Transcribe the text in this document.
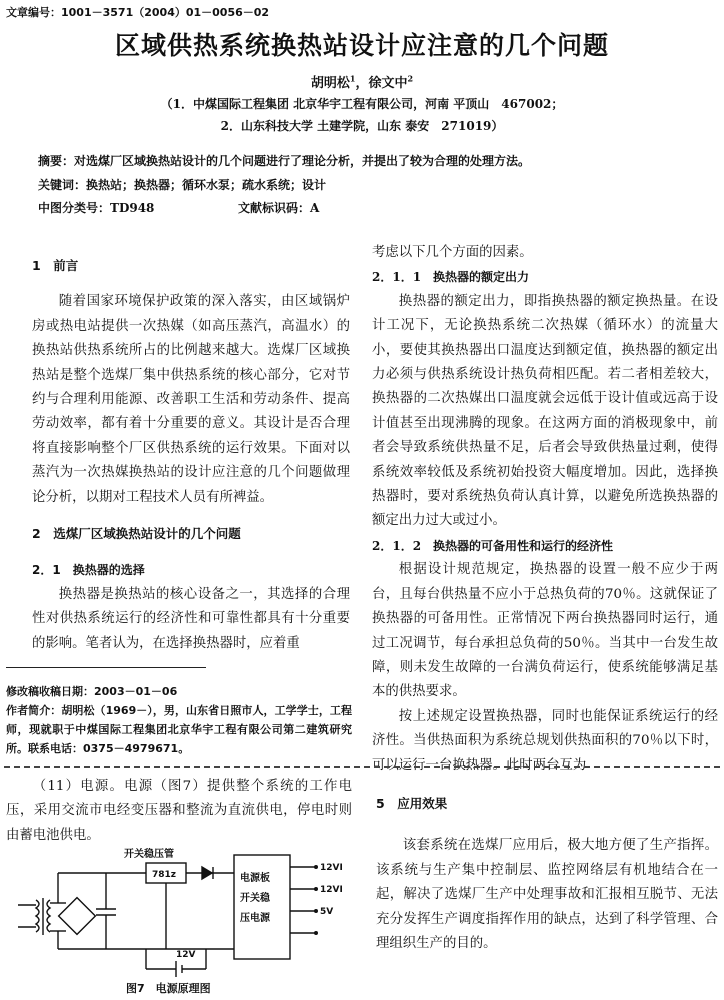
文章编号：1001－3571（2004）01－0056－02
区域供热系统换热站设计应注意的几个问题
胡明松$^1$，徐文中$^2$
（1．中煤国际工程集团 北京华宇工程有限公司，河南 平顶山　467002；
2．山东科技大学 土建学院，山东 泰安　271019）
摘要：对选煤厂区域换热站设计的几个问题进行了理论分析，并提出了较为合理的处理方法。
关键词：换热站；换热器；循环水泵；疏水系统；设计
中图分类号：TD948	文献标识码：A
1　前言

随着国家环境保护政策的深入落实，由区域锅炉房或热电站提供一次热媒（如高压蒸汽，高温水）的换热站供热系统所占的比例越来越大。选煤厂区域换热站是整个选煤厂集中供热系统的核心部分，它对节约与合理利用能源、改善职工生活和劳动条件、提高劳动效率，都有着十分重要的意义。其设计是否合理将直接影响整个厂区供热系统的运行效果。下面对以蒸汽为一次热媒换热站的设计应注意的几个问题做理论分析，以期对工程技术人员有所裨益。

2　选煤厂区域换热站设计的几个问题
2．1　换热器的选择

换热器是换热站的核心设备之一，其选择的合理性对供热系统运行的经济性和可靠性都具有十分重要的影响。笔者认为，在选择换热器时，应着重

修改稿收稿日期：2003－01－06
作者简介：胡明松（1969－），男，山东省日照市人，工学学士，工程师，现就职于中煤国际工程集团北京华宇工程有限公司第二建筑研究所。联系电话：0375－4979671。
考虑以下几个方面的因素。
2．1．1　换热器的额定出力

换热器的额定出力，即指换热器的额定换热量。在设计工况下，无论换热系统二次热媒（循环水）的流量大小，要使其换热器出口温度达到额定值，换热器的额定出力必须与供热系统设计热负荷相匹配。若二者相差较大，换热器的二次热媒出口温度就会远低于设计值或远高于设计值甚至出现沸腾的现象。在这两方面的消极现象中，前者会导致系统供热量不足，后者会导致供热量过剩，使得系统效率较低及系统初始投资大幅度增加。因此，选择换热器时，要对系统热负荷认真计算，以避免所选换热器的额定出力过大或过小。

2．1．2　换热器的可备用性和运行的经济性

根据设计规范规定，换热器的设置一般不应少于两台，且每台供热量不应小于总热负荷的70％。这就保证了换热器的可备用性。正常情况下两台换热器同时运行，通过工况调节，每台承担总负荷的50％。当其中一台发生故障，则未发生故障的一台满负荷运行，使系统能够满足基本的供热要求。

按上述规定设置换热器，同时也能保证系统运行的经济性。当供热面积为系统总规划供热面积的70％以下时，可以运行一台换热器。此时两台互为

（11）电源。电源（图7）提供整个系统的工作电压，采用交流市电经变压器和整流为直流供电，停电时则由蓄电池供电。

开关稳压管
781z	电源板
开关稳
压电源
12VI
12VI
5V
12V
图7　电源原理图
5　应用效果

该套系统在选煤厂应用后，极大地方便了生产指挥。该系统与生产集中控制层、监控网络层有机地结合在一起，解决了选煤厂生产中处理事故和汇报相互脱节、无法充分发挥生产调度指挥作用的缺点，达到了科学管理、合理组织生产的目的。
